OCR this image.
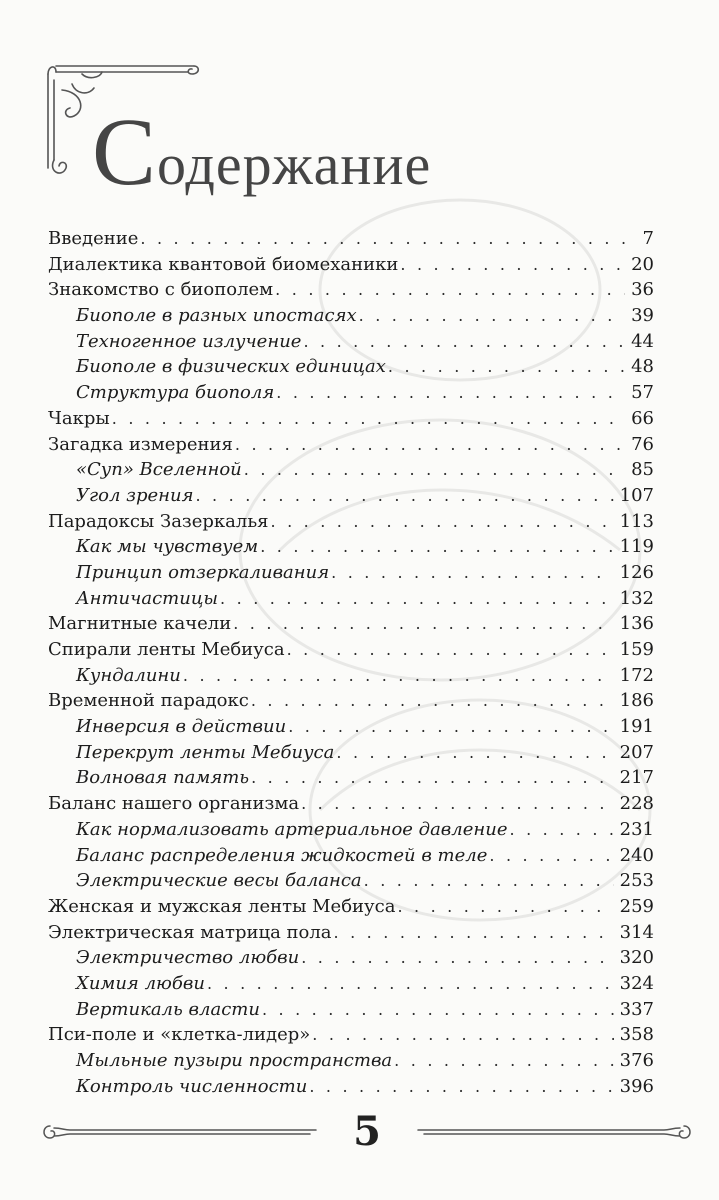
Содержание
Введение . . .	7
Диалектика квантовой биомеханики . . .	20
Знакомство с биополем . . .	36
Биополе в разных ипостасях . . .	39
Техногенное излучение . . .	44
Биополе в физических единицах . . .	48
Структура биополя . . .	57
Чакры . . .	66
Загадка измерения . . .	76
«Суп» Вселенной . . .	85
Угол зрения . . .	107
Парадоксы Зазеркалья . . .	113
Как мы чувствуем . . .	119
Принцип отзеркаливания . . .	126
Античастицы . . .	132
Магнитные качели . . .	136
Спирали ленты Мебиуса . . .	159
Кундалини . . .	172
Временной парадокс . . .	186
Инверсия в действии . . .	191
Перекрут ленты Мебиуса . . .	207
Волновая память . . .	217
Баланс нашего организма . . .	228
Как нормализовать артериальное давление . . .	231
Баланс распределения жидкостей в теле . . .	240
Электрические весы баланса . . .	253
Женская и мужская ленты Мебиуса . . .	259
Электрическая матрица пола . . .	314
Электричество любви . . .	320
Химия любви . . .	324
Вертикаль власти . . .	337
Пси-поле и «клетка-лидер» . . .	358
Мыльные пузыри пространства . . .	376
Контроль численности . . .	396
5
